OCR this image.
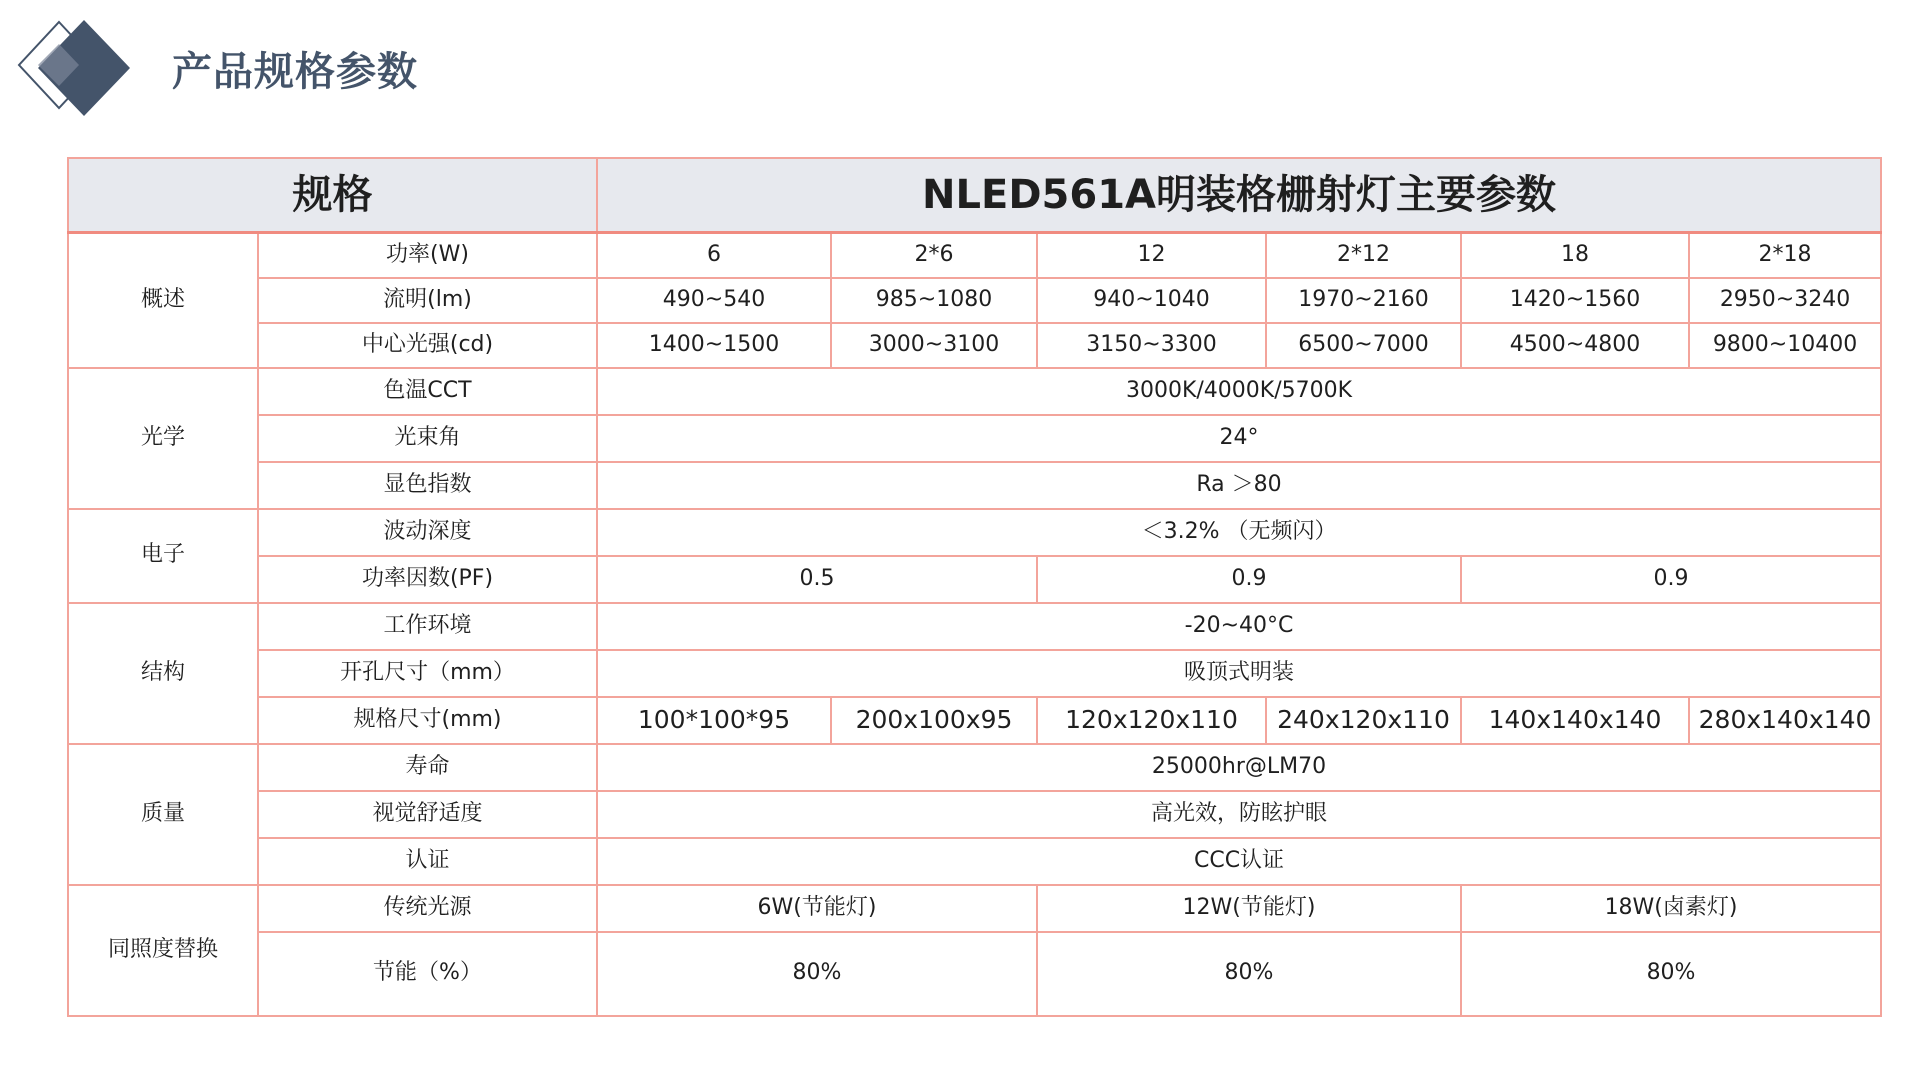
产品规格参数
规格		NLED561A明装格栅射灯主要参数					
概述	功率(W)	6	2*6	12	2*12	18	2*18
	流明(lm)	490~540	985~1080	940~1040	1970~2160	1420~1560	2950~3240
	中心光强(cd)	1400~1500	3000~3100	3150~3300	6500~7000	4500~4800	9800~10400
光学	色温CCT	3000K/4000K/5700K					
	光束角	24°					
	显色指数	Ra ＞80					
电子	波动深度	＜3.2% （无频闪）					
	功率因数(PF)	0.5		0.9		0.9	
结构	工作环境	-20~40°C					
	开孔尺寸（mm）	吸顶式明装					
	规格尺寸(mm)	100*100*95	200x100x95	120x120x110	240x120x110	140x140x140	280x140x140
质量	寿命	25000hr@LM70					
	视觉舒适度	高光效，防眩护眼					
	认证	CCC认证					
同照度替换	传统光源	6W(节能灯)		12W(节能灯)		18W(卤素灯)	
	节能（%）	80%		80%		80%	
